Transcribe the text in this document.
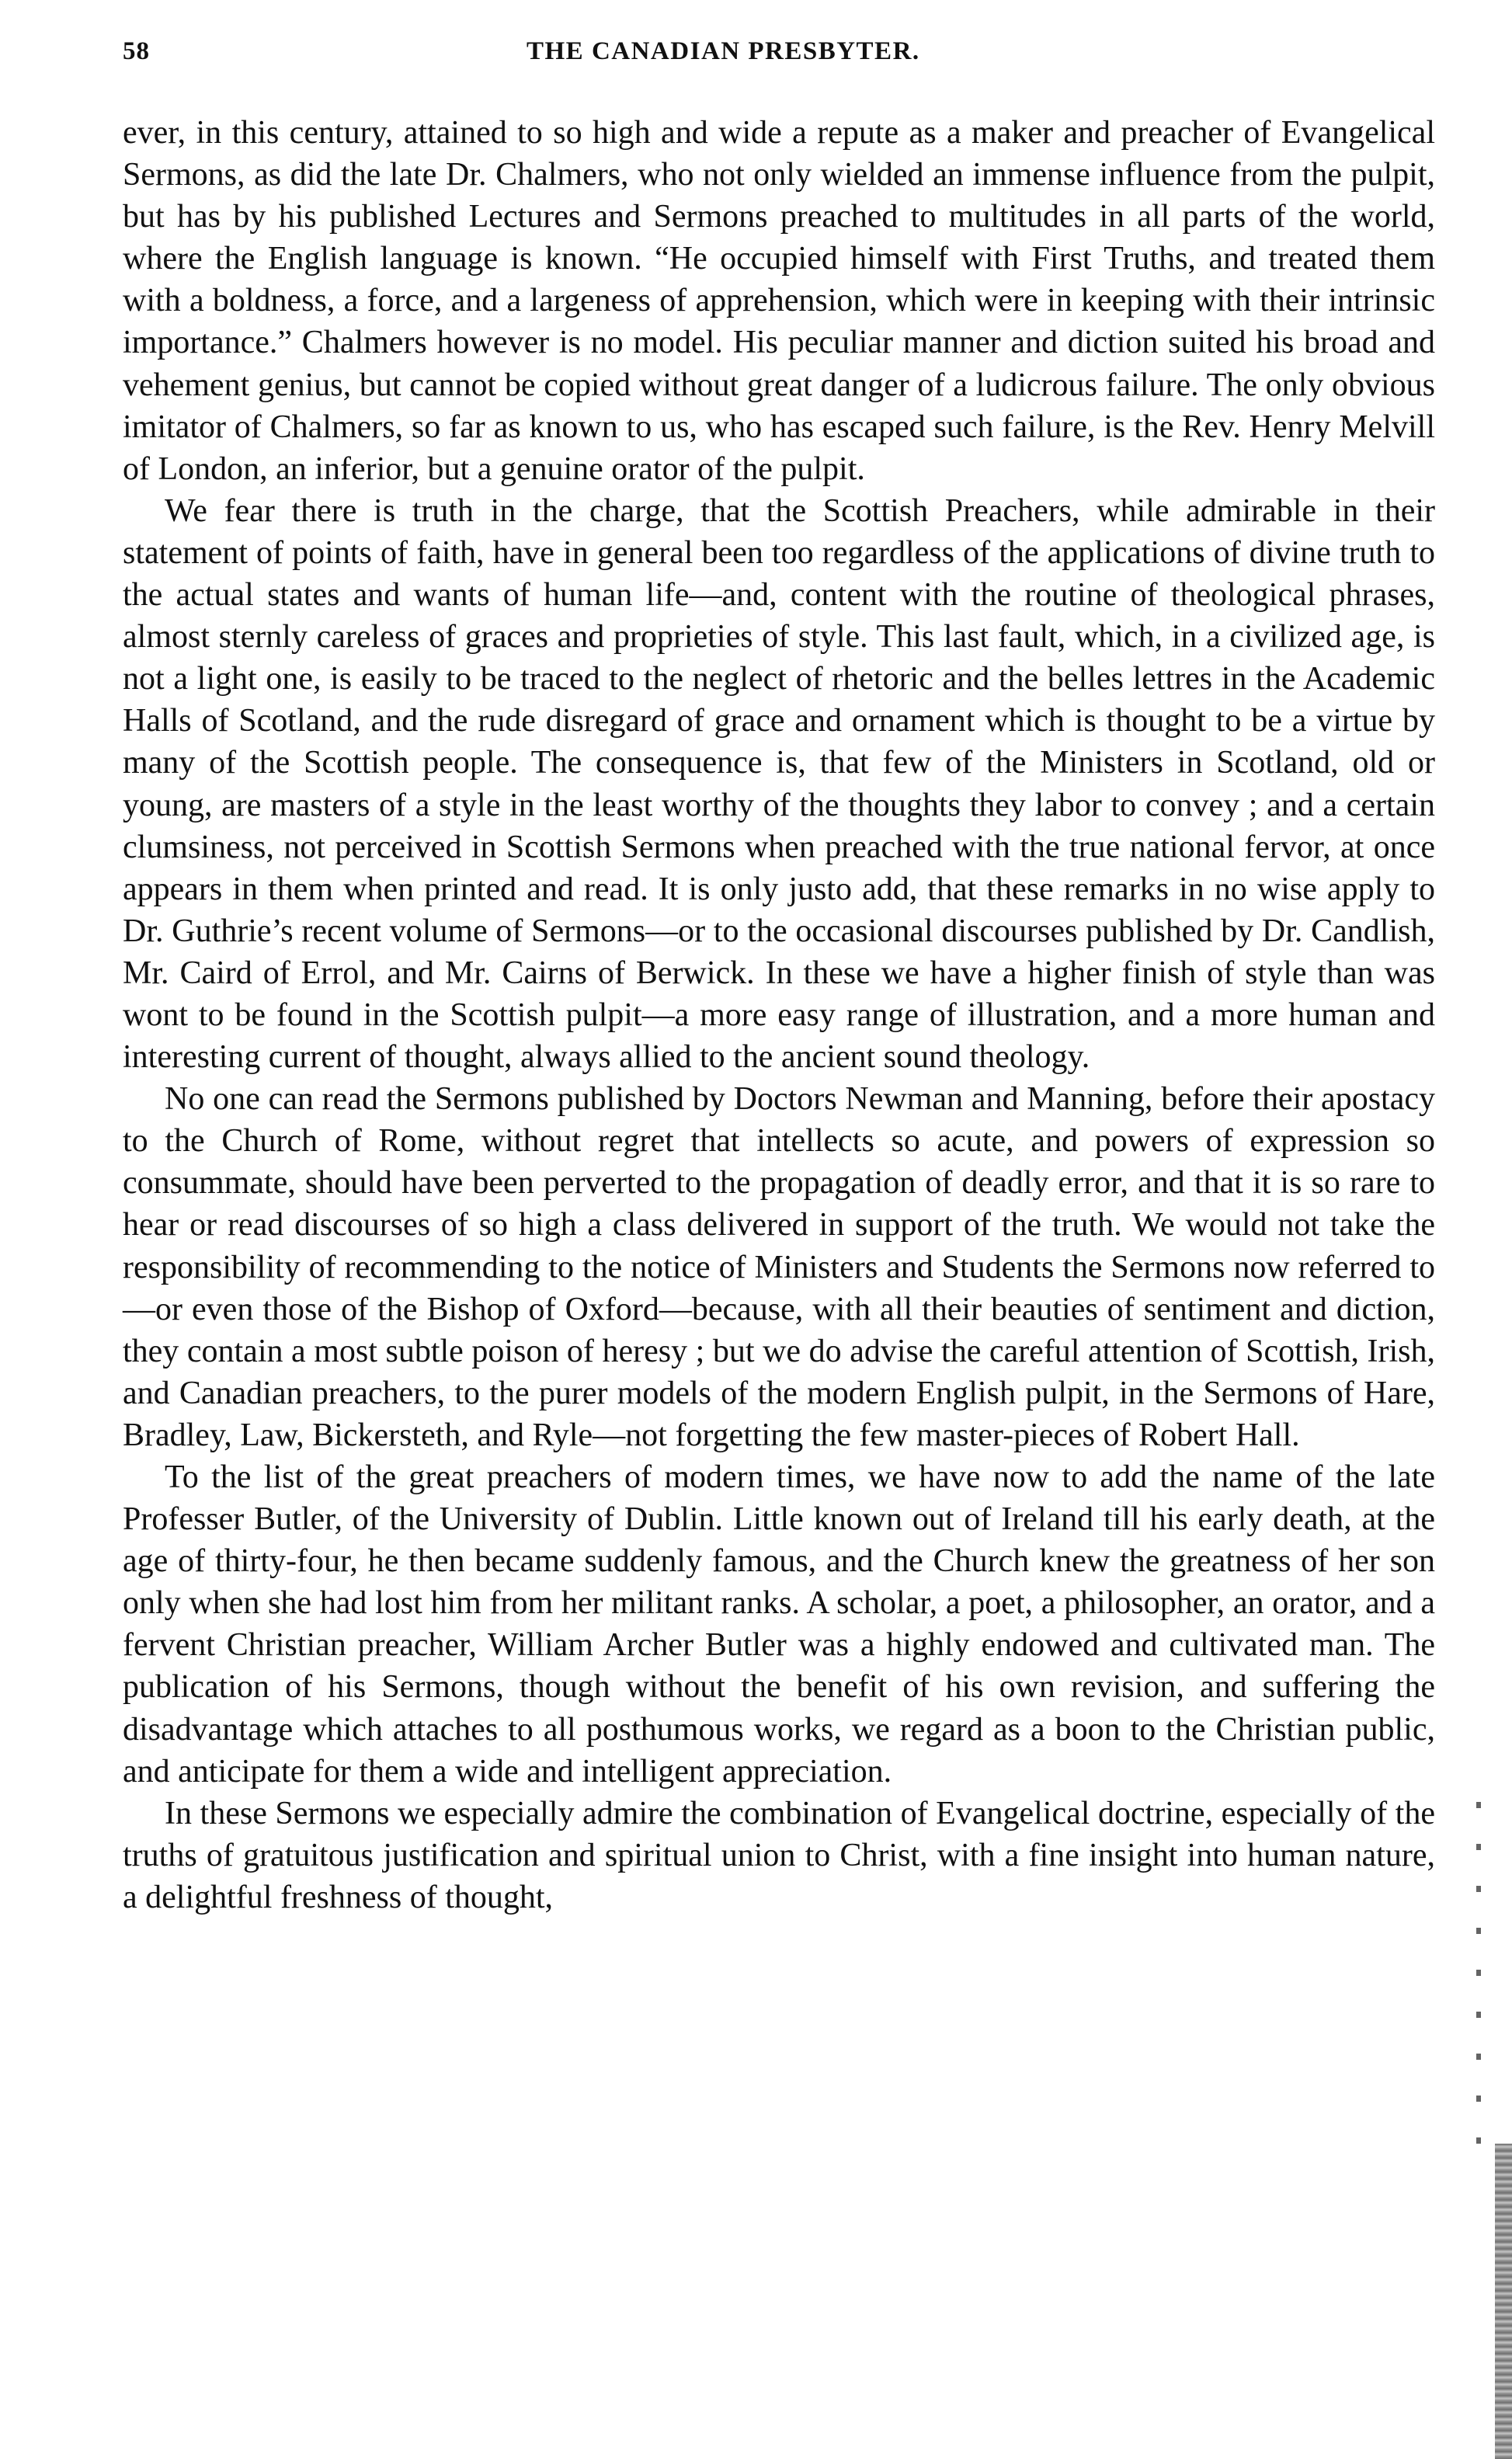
58	THE CANADIAN PRESBYTER.

ever, in this century, attained to so high and wide a repute as a maker and preacher of Evangelical Sermons, as did the late Dr. Chalmers, who not only wielded an immense influence from the pulpit, but has by his published Lectures and Sermons preached to multitudes in all parts of the world, where the English language is known. “He occupied himself with First Truths, and treated them with a boldness, a force, and a largeness of apprehension, which were in keeping with their intrinsic importance.” Chalmers however is no model. His peculiar manner and diction suited his broad and vehement genius, but cannot be copied without great danger of a ludicrous failure. The only obvious imitator of Chalmers, so far as known to us, who has escaped such failure, is the Rev. Henry Melvill of London, an inferior, but a genuine orator of the pulpit.

We fear there is truth in the charge, that the Scottish Preachers, while admirable in their statement of points of faith, have in general been too regardless of the applications of divine truth to the actual states and wants of human life—and, content with the routine of theological phrases, almost sternly careless of graces and proprieties of style. This last fault, which, in a civilized age, is not a light one, is easily to be traced to the neglect of rhetoric and the belles lettres in the Academic Halls of Scotland, and the rude disregard of grace and ornament which is thought to be a virtue by many of the Scottish people. The consequence is, that few of the Ministers in Scotland, old or young, are masters of a style in the least worthy of the thoughts they labor to convey ; and a certain clumsiness, not perceived in Scottish Sermons when preached with the true national fervor, at once appears in them when printed and read. It is only justo add, that these remarks in no wise apply to Dr. Guthrie’s recent volume of Sermons—or to the occasional discourses published by Dr. Candlish, Mr. Caird of Errol, and Mr. Cairns of Berwick. In these we have a higher finish of style than was wont to be found in the Scottish pulpit—a more easy range of illustration, and a more human and interesting current of thought, always allied to the ancient sound theology.

No one can read the Sermons published by Doctors Newman and Manning, before their apostacy to the Church of Rome, without regret that intellects so acute, and powers of expression so consummate, should have been perverted to the propagation of deadly error, and that it is so rare to hear or read discourses of so high a class delivered in support of the truth. We would not take the responsibility of recommending to the notice of Ministers and Students the Sermons now referred to—or even those of the Bishop of Oxford—because, with all their beauties of sentiment and diction, they contain a most subtle poison of heresy ; but we do advise the careful attention of Scottish, Irish, and Canadian preachers, to the purer models of the modern English pulpit, in the Sermons of Hare, Bradley, Law, Bickersteth, and Ryle—not forgetting the few master-pieces of Robert Hall.

To the list of the great preachers of modern times, we have now to add the name of the late Professer Butler, of the University of Dublin. Little known out of Ireland till his early death, at the age of thirty-four, he then became suddenly famous, and the Church knew the greatness of her son only when she had lost him from her militant ranks. A scholar, a poet, a philosopher, an orator, and a fervent Christian preacher, William Archer Butler was a highly endowed and cultivated man. The publication of his Sermons, though without the benefit of his own revision, and suffering the disadvantage which attaches to all posthumous works, we regard as a boon to the Christian public, and anticipate for them a wide and intelligent appreciation.

In these Sermons we especially admire the combination of Evangelical doctrine, especially of the truths of gratuitous justification and spiritual union to Christ, with a fine insight into human nature, a delightful freshness of thought,
